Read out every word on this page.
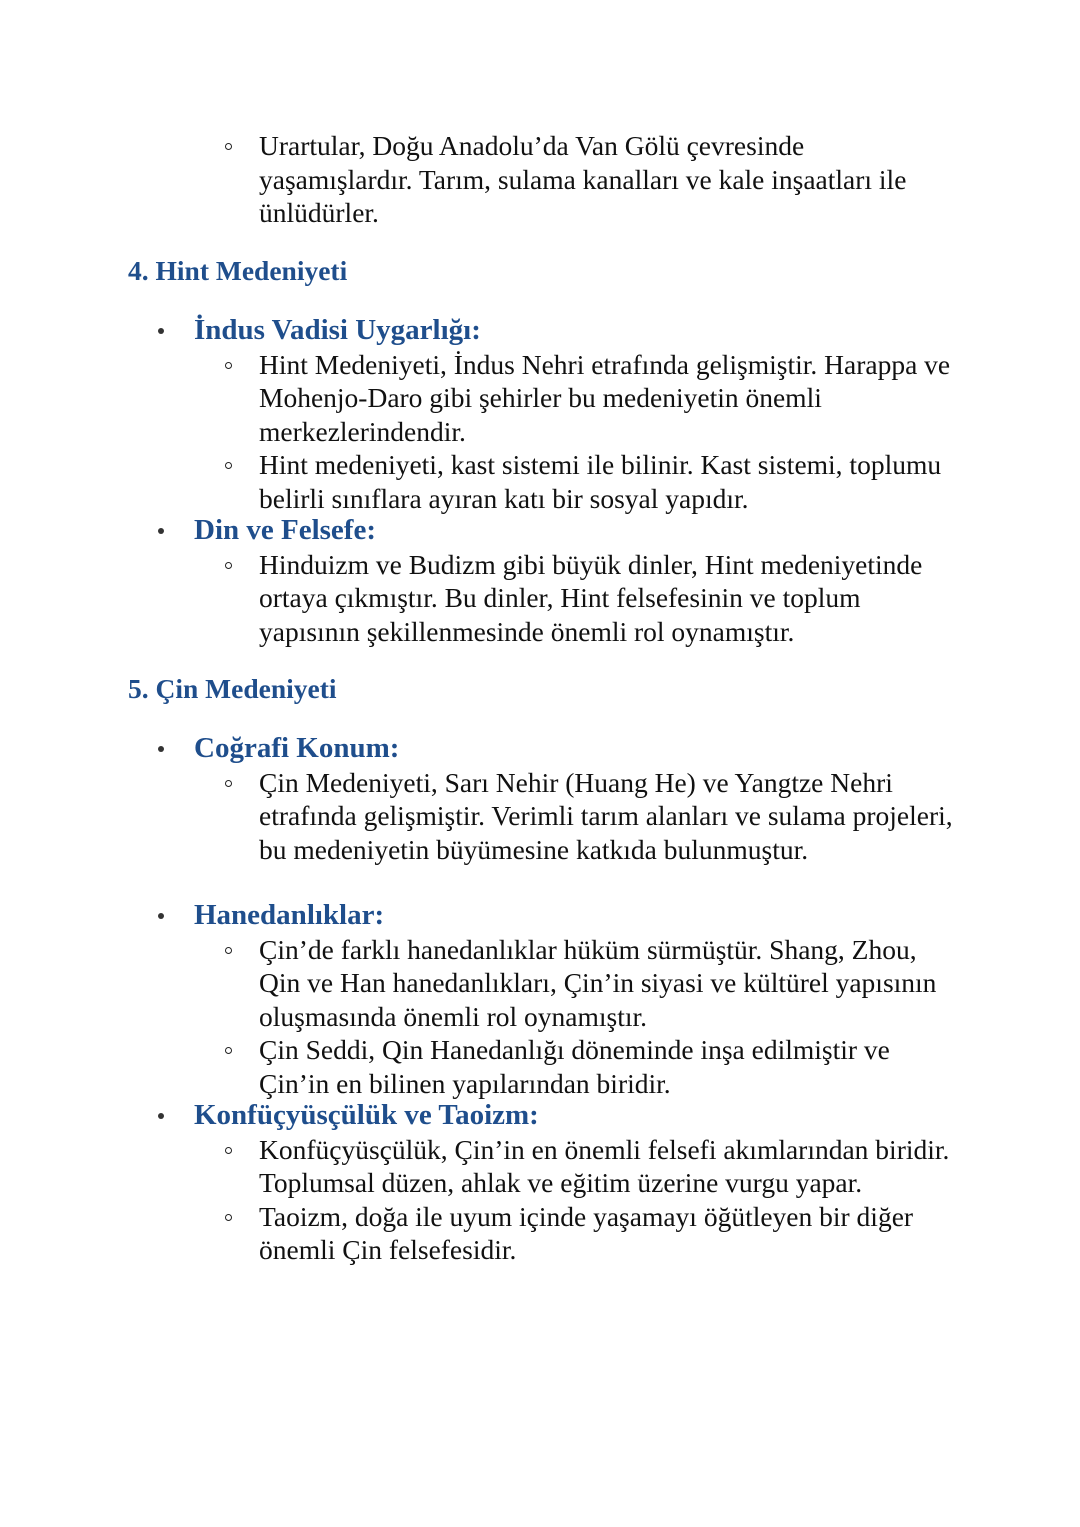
Urartular, Doğu Anadolu’da Van Gölü çevresinde yaşamışlardır. Tarım, sulama kanalları ve kale inşaatları ile ünlüdürler.
4. Hint Medeniyeti
İndus Vadisi Uygarlığı:
Hint Medeniyeti, İndus Nehri etrafında gelişmiştir. Harappa ve Mohenjo-Daro gibi şehirler bu medeniyetin önemli merkezlerindendir.
Hint medeniyeti, kast sistemi ile bilinir. Kast sistemi, toplumu belirli sınıflara ayıran katı bir sosyal yapıdır.
Din ve Felsefe:
Hinduizm ve Budizm gibi büyük dinler, Hint medeniyetinde ortaya çıkmıştır. Bu dinler, Hint felsefesinin ve toplum yapısının şekillenmesinde önemli rol oynamıştır.
5. Çin Medeniyeti
Coğrafi Konum:
Çin Medeniyeti, Sarı Nehir (Huang He) ve Yangtze Nehri etrafında gelişmiştir. Verimli tarım alanları ve sulama projeleri, bu medeniyetin büyümesine katkıda bulunmuştur.
Hanedanlıklar:
Çin’de farklı hanedanlıklar hüküm sürmüştür. Shang, Zhou, Qin ve Han hanedanlıkları, Çin’in siyasi ve kültürel yapısının oluşmasında önemli rol oynamıştır.
Çin Seddi, Qin Hanedanlığı döneminde inşa edilmiştir ve Çin’in en bilinen yapılarından biridir.
Konfüçyüsçülük ve Taoizm:
Konfüçyüsçülük, Çin’in en önemli felsefi akımlarından biridir. Toplumsal düzen, ahlak ve eğitim üzerine vurgu yapar.
Taoizm, doğa ile uyum içinde yaşamayı öğütleyen bir diğer önemli Çin felsefesidir.
